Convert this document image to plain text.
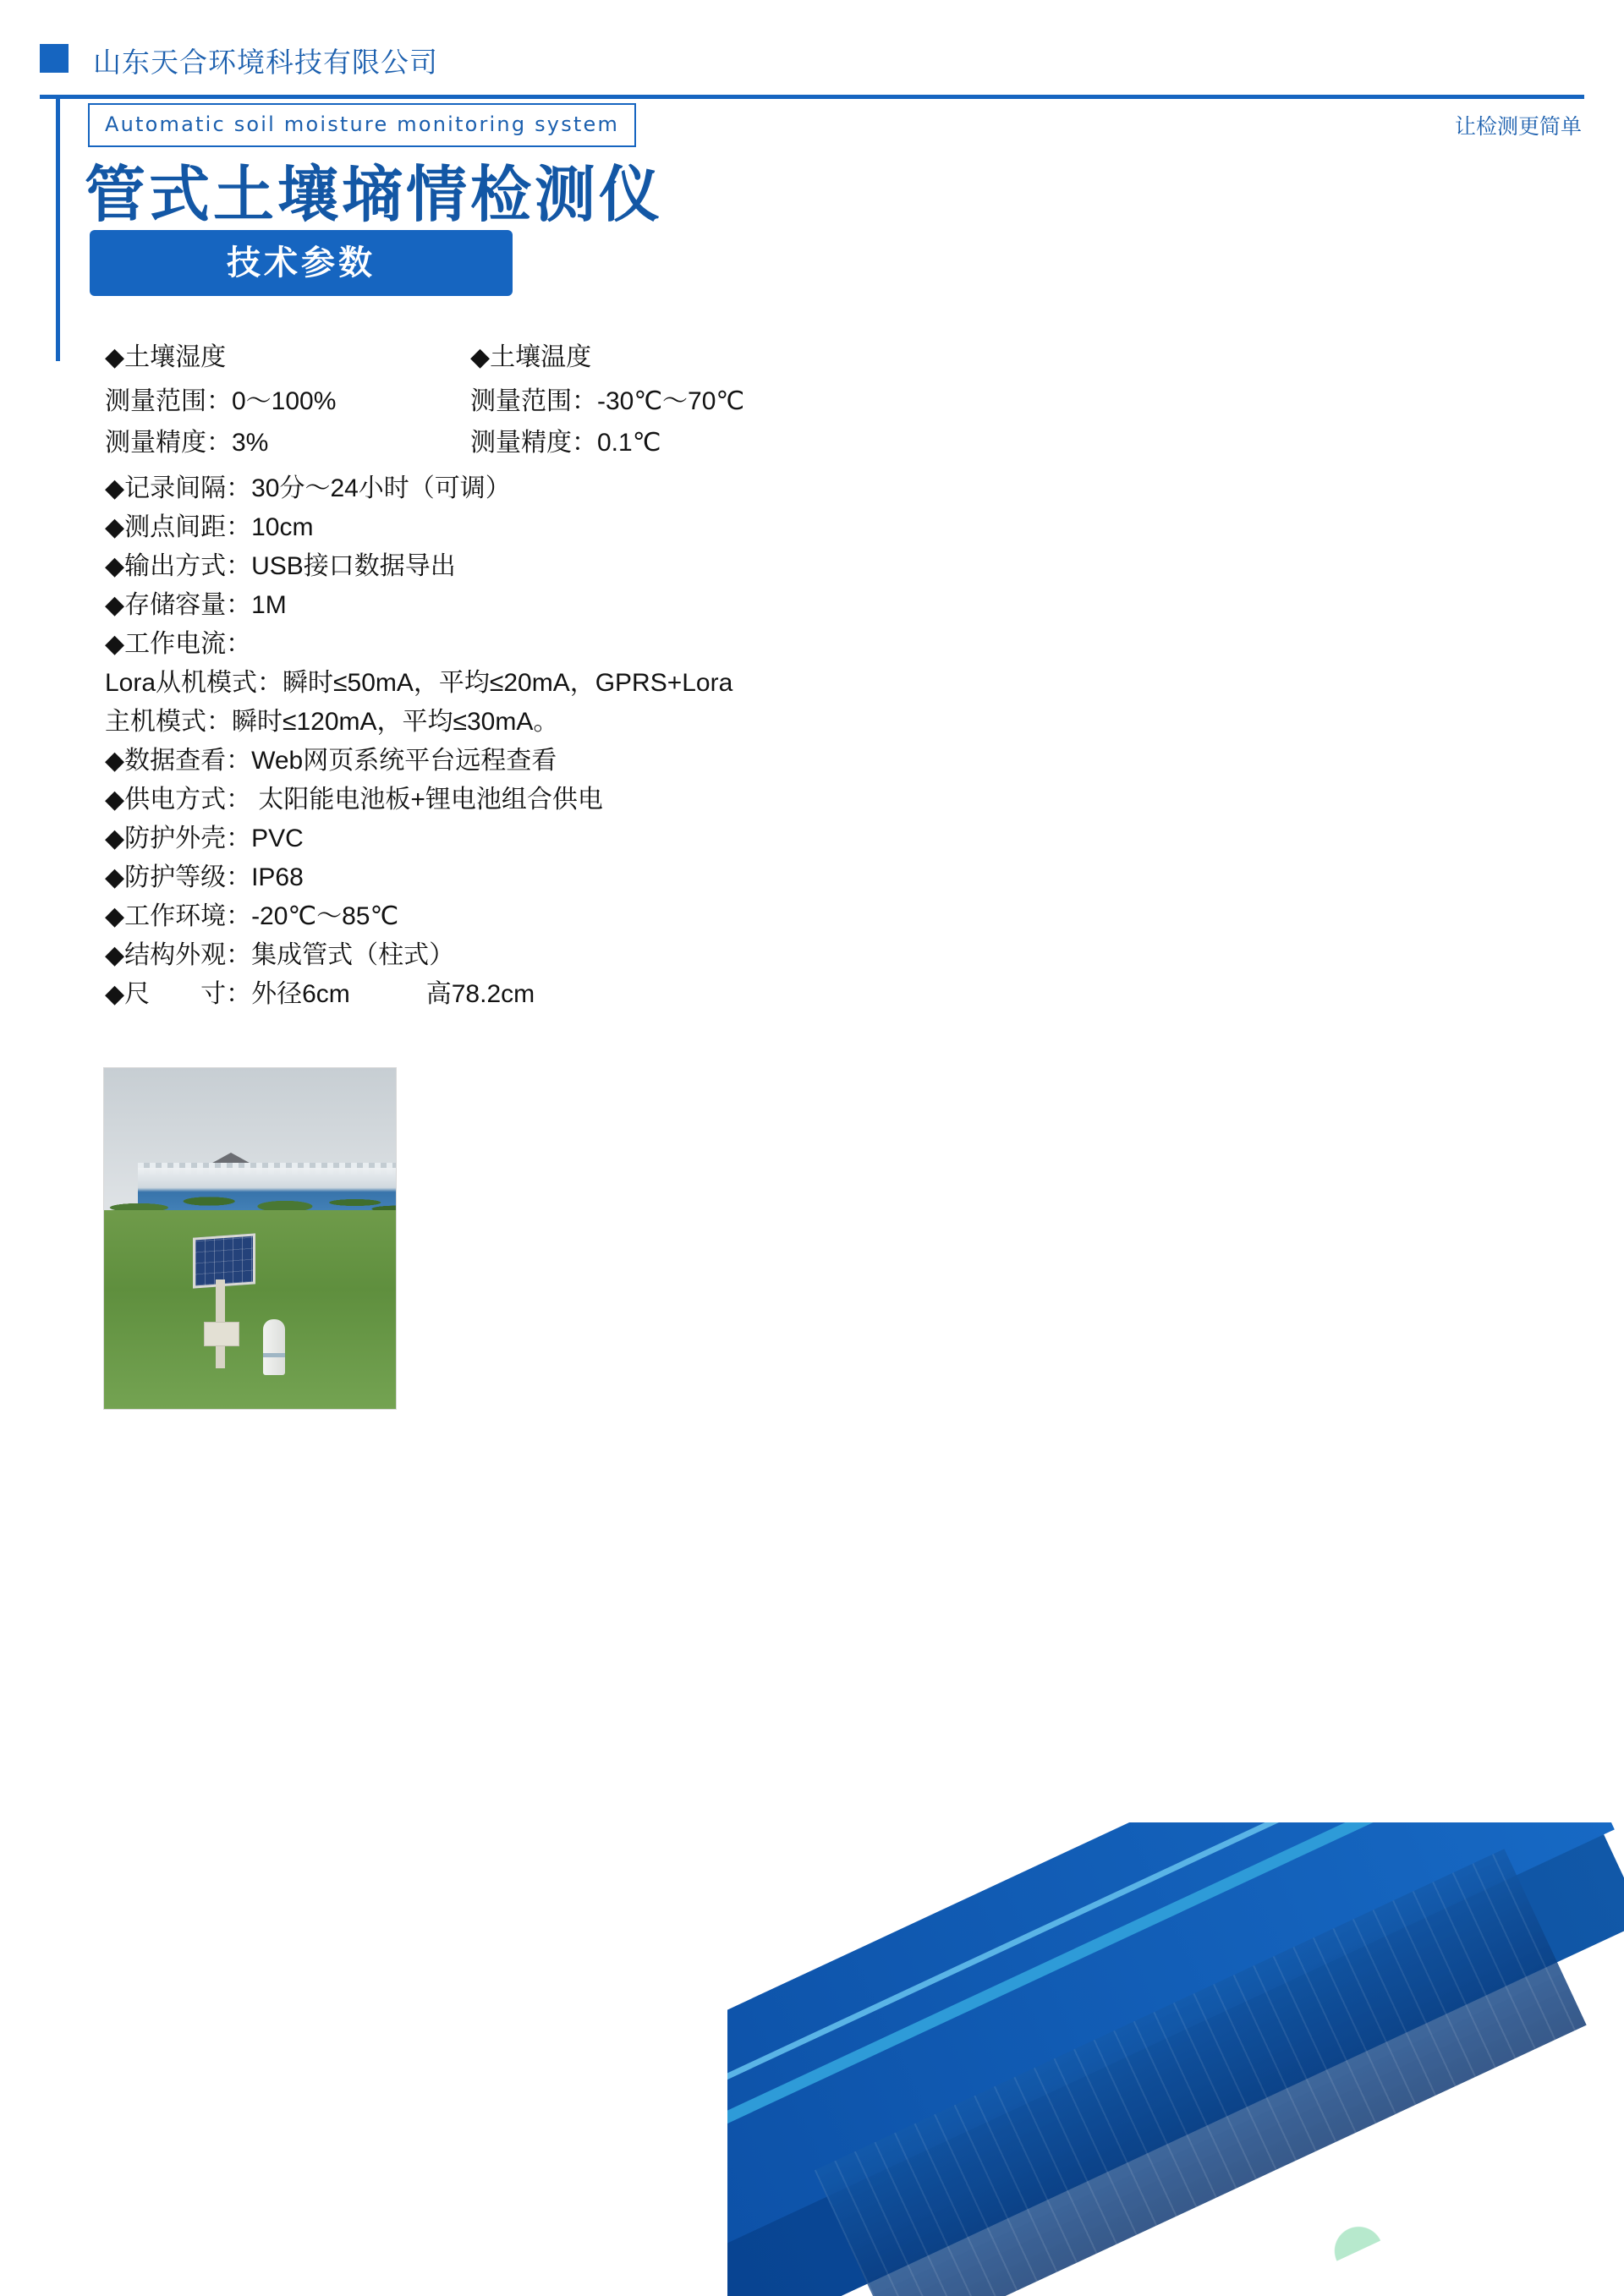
山东天合环境科技有限公司
让检测更简单
Automatic soil moisture monitoring system
管式土壤墒情检测仪
技术参数
◆土壤湿度
测量范围：0～100%
测量精度：3%
◆土壤温度
测量范围：-30℃～70℃
测量精度：0.1℃
◆记录间隔：30分～24小时（可调）
◆测点间距：10cm
◆输出方式：USB接口数据导出
◆存储容量：1M
◆工作电流：
Lora从机模式：瞬时≤50mA，平均≤20mA，GPRS+Lora
主机模式：瞬时≤120mA，平均≤30mA。
◆数据查看：Web网页系统平台远程查看
◆供电方式： 太阳能电池板+锂电池组合供电
◆防护外壳：PVC
◆防护等级：IP68
◆工作环境：-20℃～85℃
◆结构外观：集成管式（柱式）
◆尺　　寸：外径6cm　　　高78.2cm
